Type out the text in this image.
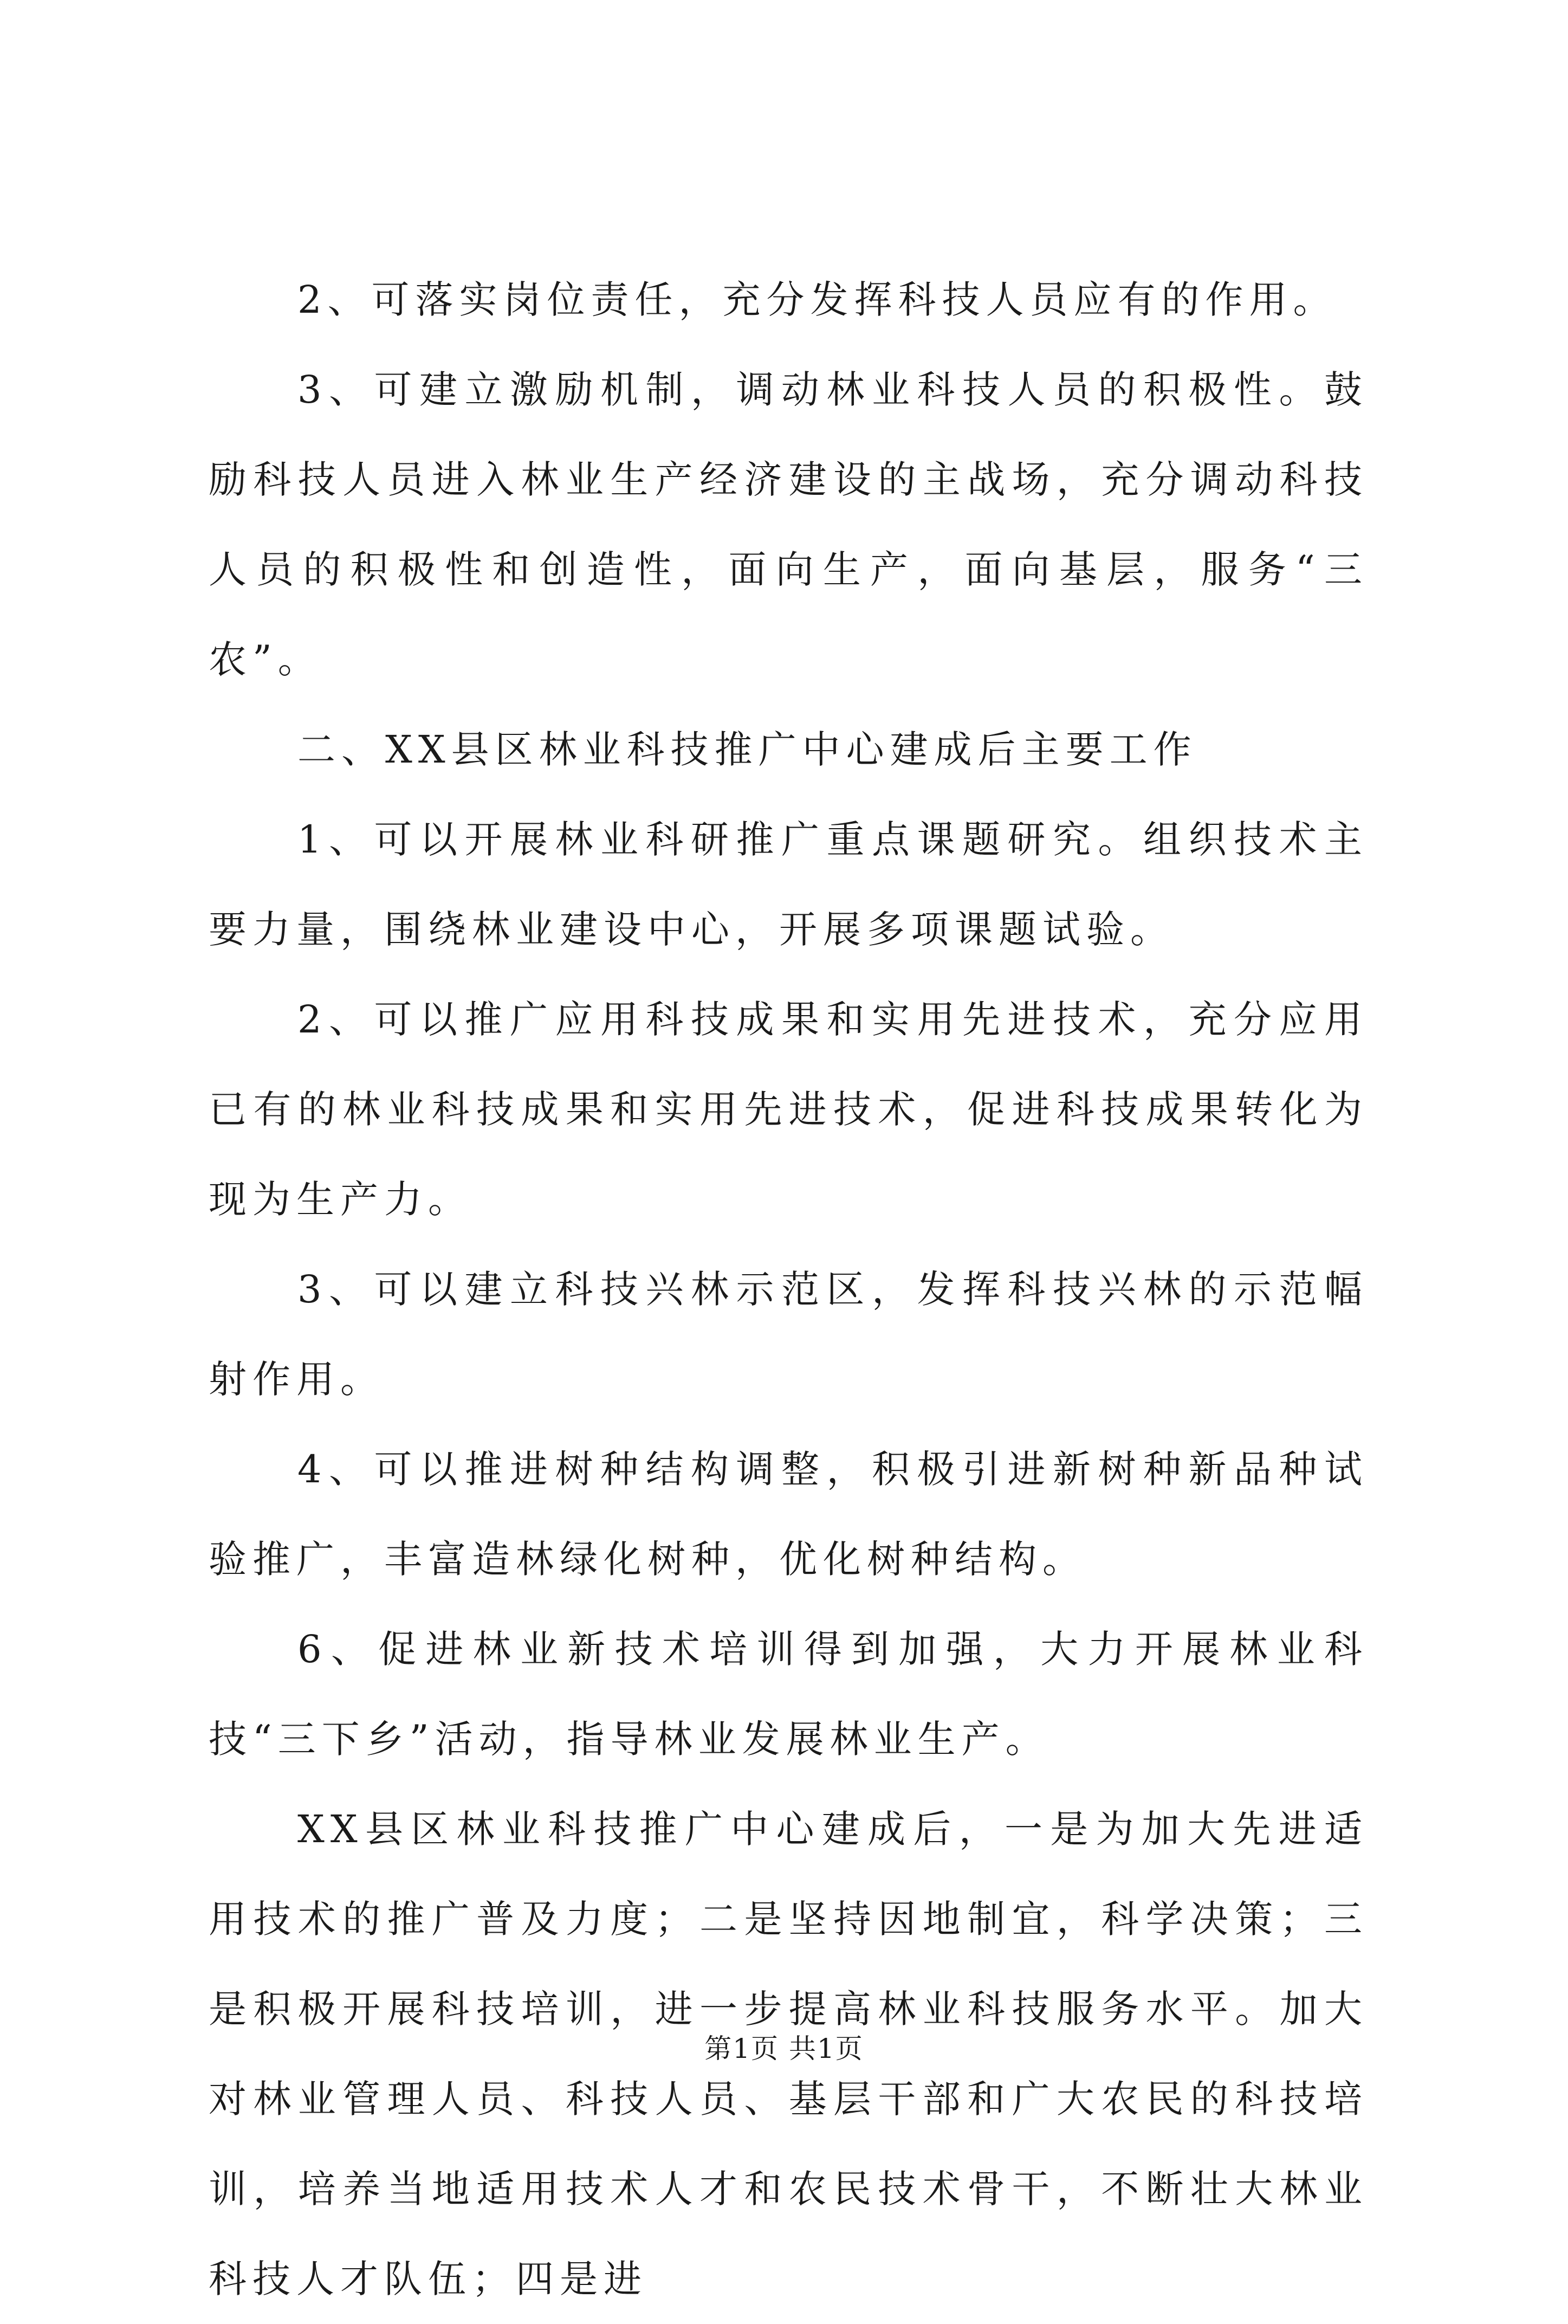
2、可落实岗位责任，充分发挥科技人员应有的作用。

3、可建立激励机制，调动林业科技人员的积极性。鼓励科技人员进入林业生产经济建设的主战场，充分调动科技人员的积极性和创造性，面向生产，面向基层，服务“三农”。

二、XX县区林业科技推广中心建成后主要工作

1、可以开展林业科研推广重点课题研究。组织技术主要力量，围绕林业建设中心，开展多项课题试验。

2、可以推广应用科技成果和实用先进技术，充分应用已有的林业科技成果和实用先进技术，促进科技成果转化为现为生产力。

3、可以建立科技兴林示范区，发挥科技兴林的示范幅射作用。

4、可以推进树种结构调整，积极引进新树种新品种试验推广，丰富造林绿化树种，优化树种结构。

6、促进林业新技术培训得到加强，大力开展林业科技“三下乡”活动，指导林业发展林业生产。

XX县区林业科技推广中心建成后，一是为加大先进适用技术的推广普及力度；二是坚持因地制宜，科学决策；三是积极开展科技培训，进一步提高林业科技服务水平。加大对林业管理人员、科技人员、基层干部和广大农民的科技培训，培养当地适用技术人才和农民技术骨干，不断壮大林业科技人才队伍；四是进

第1页 共1页
